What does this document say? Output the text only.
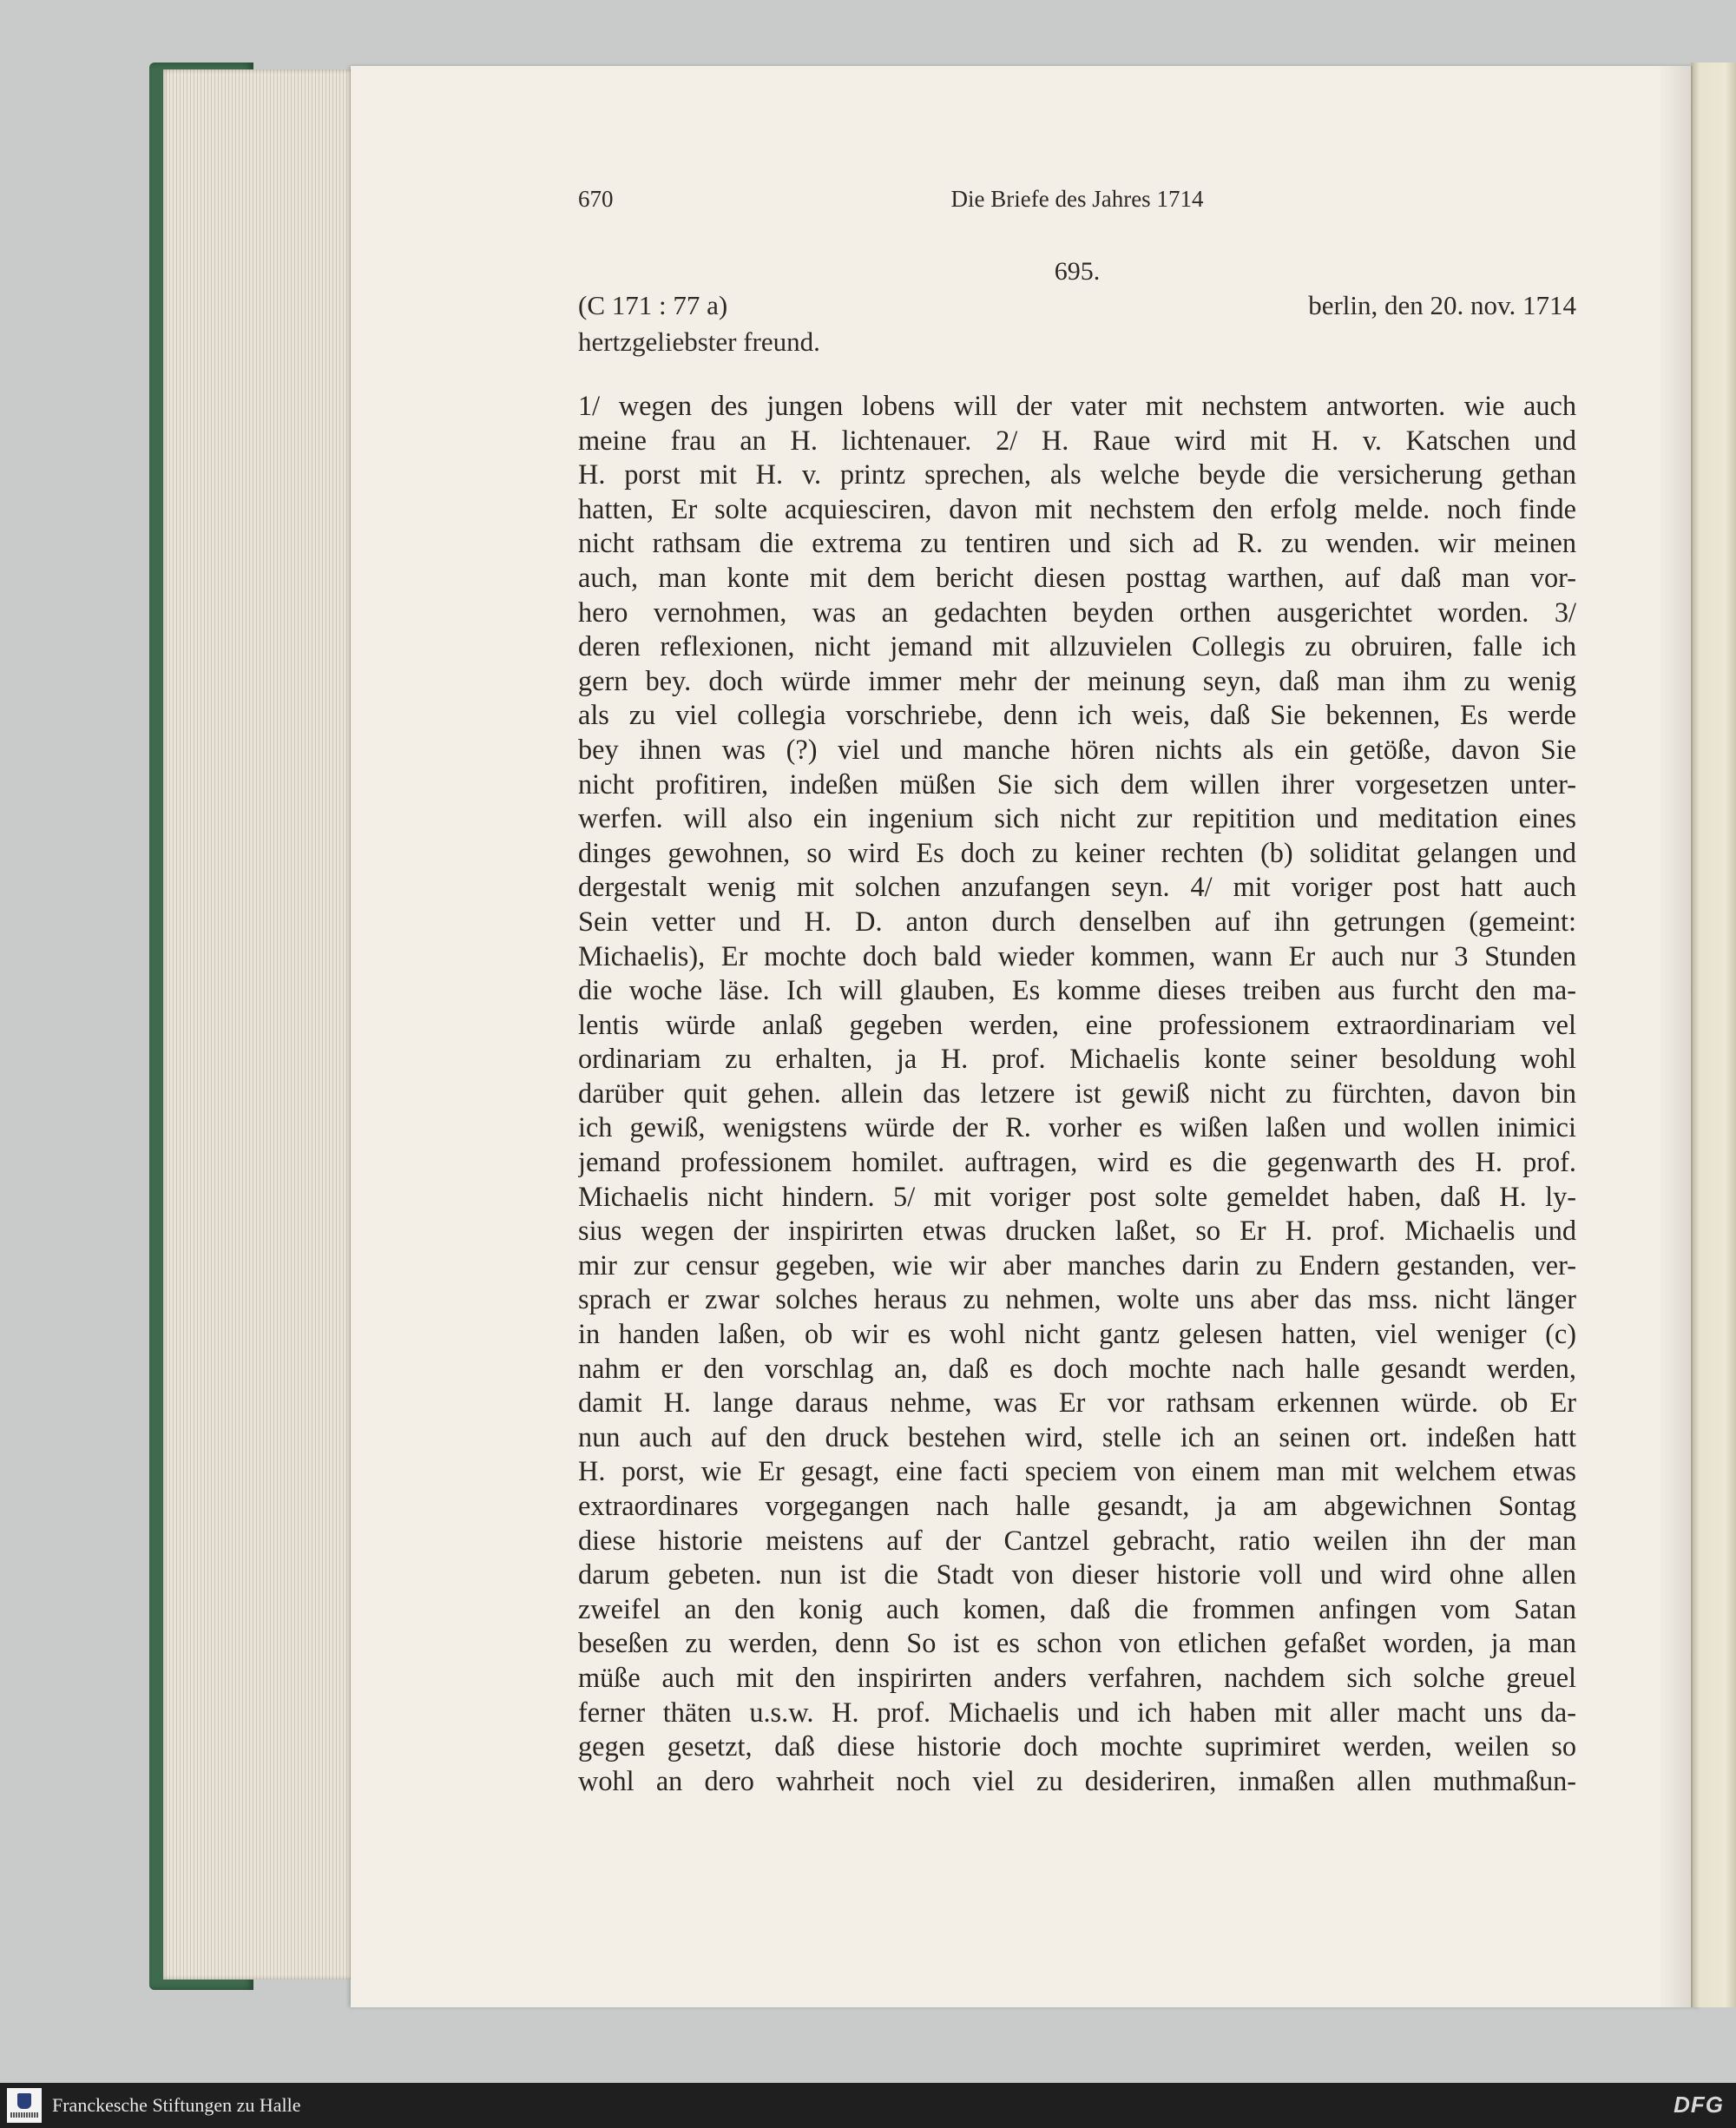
670	Die Briefe des Jahres 1714
695.
(C 171 : 77 a)	berlin, den 20. nov. 1714
hertzgeliebster freund.
1/ wegen des jungen lobens will der vater mit nechstem antworten. wie auch
meine frau an H. lichtenauer. 2/ H. Raue wird mit H. v. Katschen und
H. porst mit H. v. printz sprechen, als welche beyde die versicherung gethan
hatten, Er solte acquiesciren, davon mit nechstem den erfolg melde. noch finde
nicht rathsam die extrema zu tentiren und sich ad R. zu wenden. wir meinen
auch, man konte mit dem bericht diesen posttag warthen, auf daß man vor-
hero vernohmen, was an gedachten beyden orthen ausgerichtet worden. 3/
deren reflexionen, nicht jemand mit allzuvielen Collegis zu obruiren, falle ich
gern bey. doch würde immer mehr der meinung seyn, daß man ihm zu wenig
als zu viel collegia vorschriebe, denn ich weis, daß Sie bekennen, Es werde
bey ihnen was (?) viel und manche hören nichts als ein getöße, davon Sie
nicht profitiren, indeßen müßen Sie sich dem willen ihrer vorgesetzen unter-
werfen. will also ein ingenium sich nicht zur repitition und meditation eines
dinges gewohnen, so wird Es doch zu keiner rechten (b) soliditat gelangen und
dergestalt wenig mit solchen anzufangen seyn. 4/ mit voriger post hatt auch
Sein vetter und H. D. anton durch denselben auf ihn getrungen (gemeint:
Michaelis), Er mochte doch bald wieder kommen, wann Er auch nur 3 Stunden
die woche läse. Ich will glauben, Es komme dieses treiben aus furcht den ma-
lentis würde anlaß gegeben werden, eine professionem extraordinariam vel
ordinariam zu erhalten, ja H. prof. Michaelis konte seiner besoldung wohl
darüber quit gehen. allein das letzere ist gewiß nicht zu fürchten, davon bin
ich gewiß, wenigstens würde der R. vorher es wißen laßen und wollen inimici
jemand professionem homilet. auftragen, wird es die gegenwarth des H. prof.
Michaelis nicht hindern. 5/ mit voriger post solte gemeldet haben, daß H. ly-
sius wegen der inspirirten etwas drucken laßet, so Er H. prof. Michaelis und
mir zur censur gegeben, wie wir aber manches darin zu Endern gestanden, ver-
sprach er zwar solches heraus zu nehmen, wolte uns aber das mss. nicht länger
in handen laßen, ob wir es wohl nicht gantz gelesen hatten, viel weniger (c)
nahm er den vorschlag an, daß es doch mochte nach halle gesandt werden,
damit H. lange daraus nehme, was Er vor rathsam erkennen würde. ob Er
nun auch auf den druck bestehen wird, stelle ich an seinen ort. indeßen hatt
H. porst, wie Er gesagt, eine facti speciem von einem man mit welchem etwas
extraordinares vorgegangen nach halle gesandt, ja am abgewichnen Sontag
diese historie meistens auf der Cantzel gebracht, ratio weilen ihn der man
darum gebeten. nun ist die Stadt von dieser historie voll und wird ohne allen
zweifel an den konig auch komen, daß die frommen anfingen vom Satan
beseßen zu werden, denn So ist es schon von etlichen gefaßet worden, ja man
müße auch mit den inspirirten anders verfahren, nachdem sich solche greuel
ferner thäten u.s.w. H. prof. Michaelis und ich haben mit aller macht uns da-
gegen gesetzt, daß diese historie doch mochte suprimiret werden, weilen so
wohl an dero wahrheit noch viel zu desideriren, inmaßen allen muthmaßun-
Franckesche Stiftungen zu Halle	DFG
